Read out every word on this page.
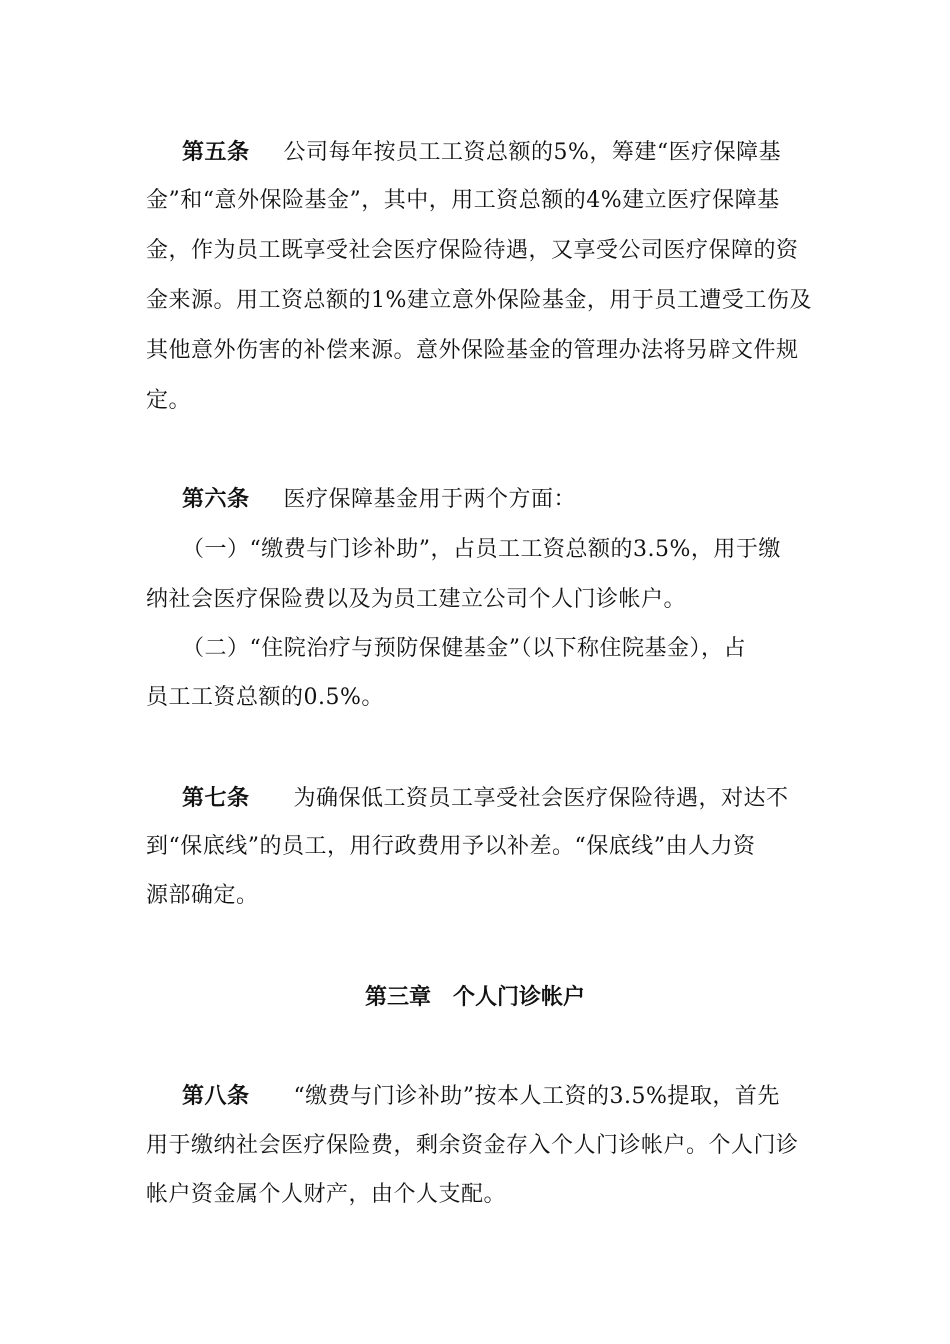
第五条 公司每年按员工工资总额的5%，筹建“医疗保障基
金”和“意外保险基金”，其中，用工资总额的4%建立医疗保障基
金，作为员工既享受社会医疗保险待遇，又享受公司医疗保障的资
金来源。用工资总额的1%建立意外保险基金，用于员工遭受工伤及
其他意外伤害的补偿来源。意外保险基金的管理办法将另辟文件规
定。
第六条 医疗保障基金用于两个方面：
（一）“缴费与门诊补助”，占员工工资总额的3.5%，用于缴
纳社会医疗保险费以及为员工建立公司个人门诊帐户。
（二）“住院治疗与预防保健基金”（以下称住院基金），占
员工工资总额的0.5%。
第七条 为确保低工资员工享受社会医疗保险待遇，对达不
到“保底线”的员工，用行政费用予以补差。“保底线”由人力资
源部确定。
第三章　个人门诊帐户
第八条 “缴费与门诊补助”按本人工资的3.5%提取，首先
用于缴纳社会医疗保险费，剩余资金存入个人门诊帐户。个人门诊
帐户资金属个人财产，由个人支配。
